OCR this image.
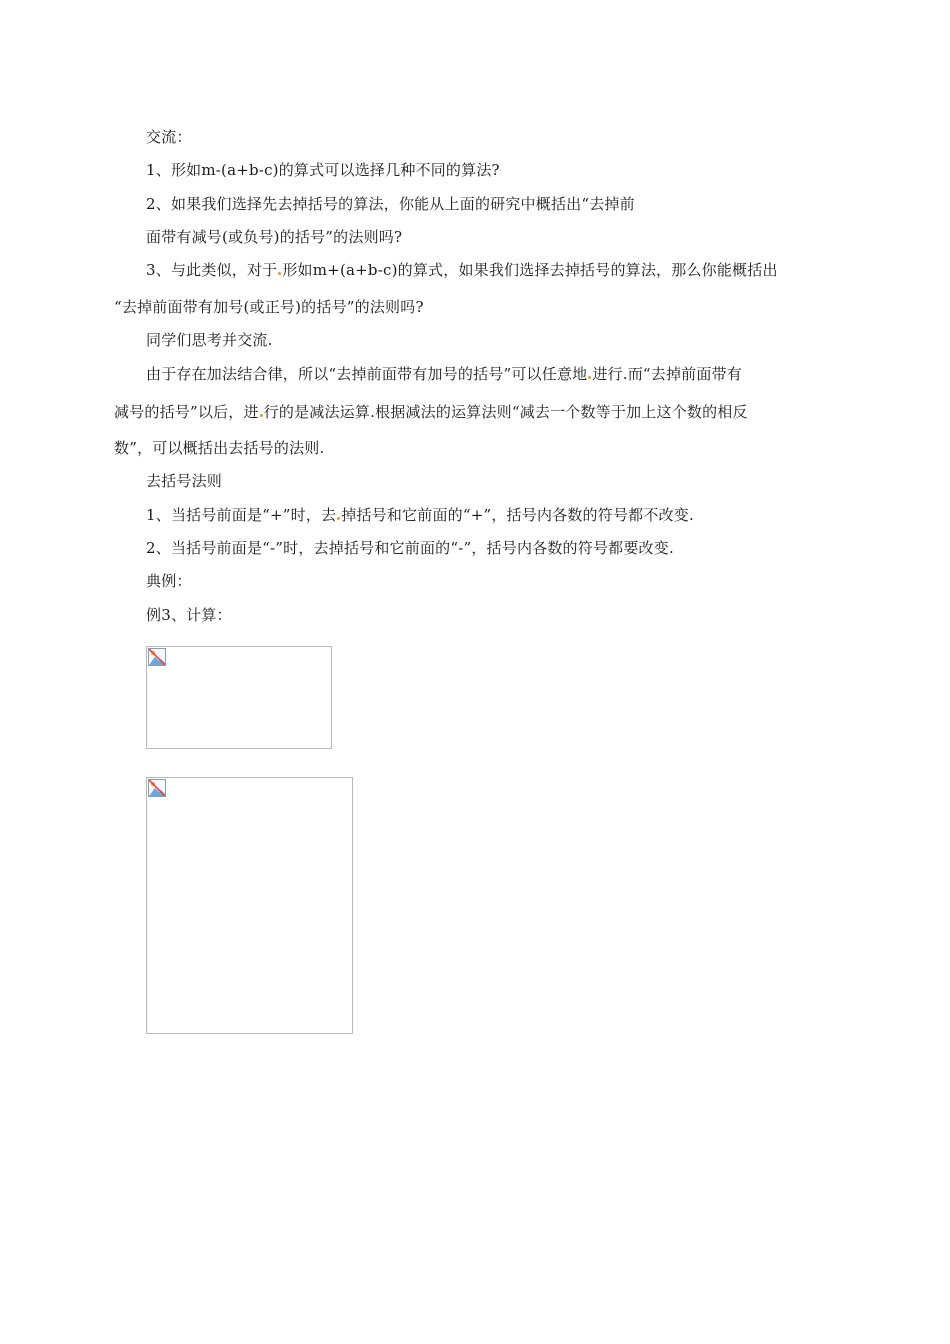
交流：
1、形如m-(a+b-c)的算式可以选择几种不同的算法?
2、如果我们选择先去掉括号的算法，你能从上面的研究中概括出“去掉前
面带有减号(或负号)的括号”的法则吗?
3、与此类似，对于 形如m+(a+b-c)的算式，如果我们选择去掉括号的算法，那么你能概括出
“去掉前面带有加号(或正号)的括号”的法则吗?
同学们思考并交流.
由于存在加法结合律，所以“去掉前面带有加号的括号”可以任意地 进行.而“去掉前面带有
减号的括号”以后，进 行的是减法运算.根据减法的运算法则“减去一个数等于加上这个数的相反
数”，可以概括出去括号的法则.
去括号法则
1、当括号前面是“+”时，去 掉括号和它前面的“+”，括号内各数的符号都不改变.
2、当括号前面是“-”时，去掉括号和它前面的“-”，括号内各数的符号都要改变.
典例：
例3、计算：
